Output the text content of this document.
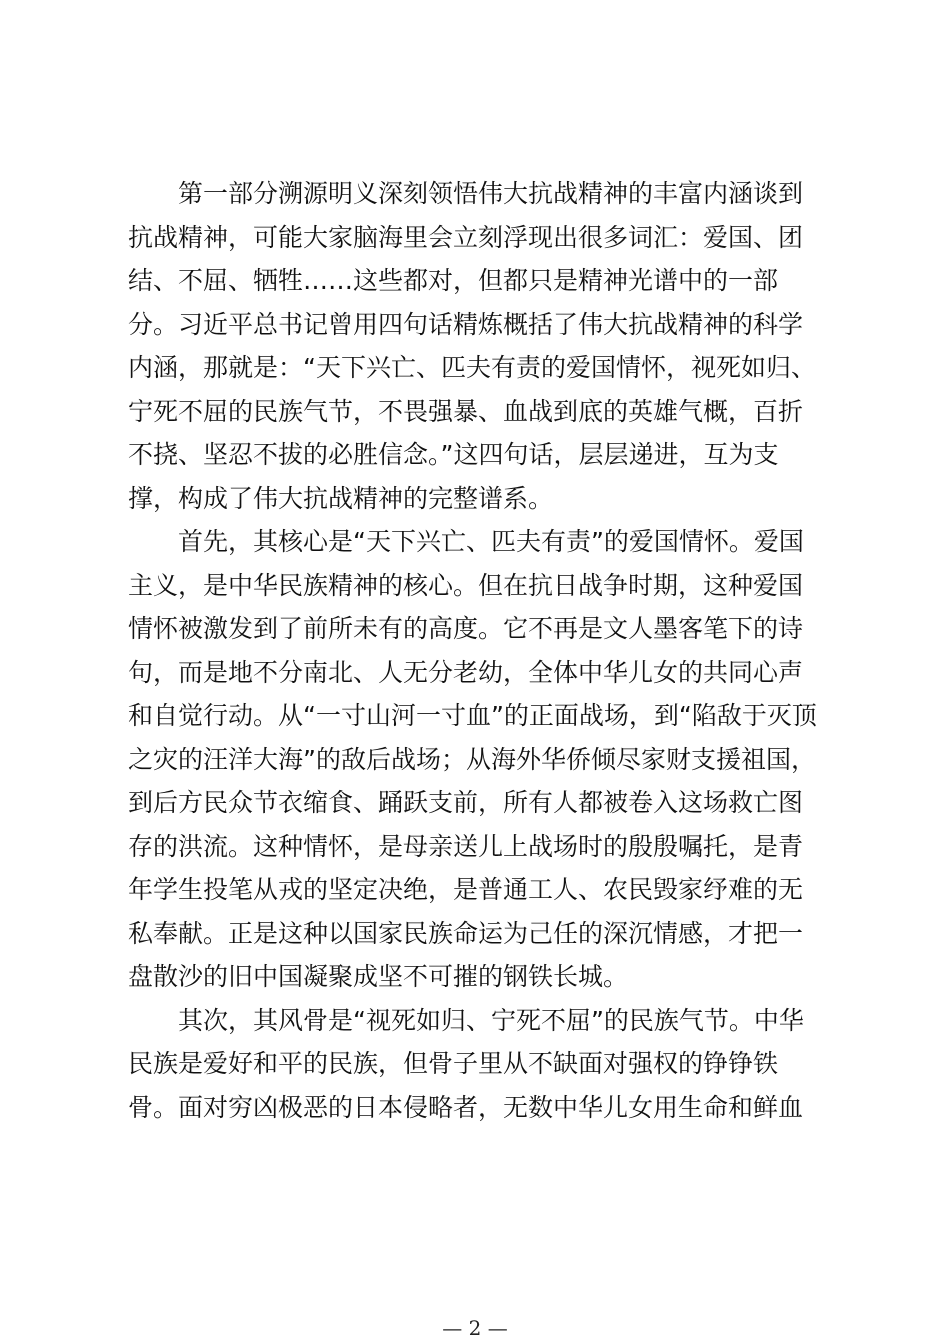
第一部分溯源明义深刻领悟伟大抗战精神的丰富内涵谈到
抗战精神，可能大家脑海里会立刻浮现出很多词汇：爱国、团
结、不屈、牺牲……这些都对，但都只是精神光谱中的一部
分。习近平总书记曾用四句话精炼概括了伟大抗战精神的科学
内涵，那就是：“天下兴亡、匹夫有责的爱国情怀，视死如归、
宁死不屈的民族气节，不畏强暴、血战到底的英雄气概，百折
不挠、坚忍不拔的必胜信念。”这四句话，层层递进，互为支
撑，构成了伟大抗战精神的完整谱系。
首先，其核心是“天下兴亡、匹夫有责”的爱国情怀。爱国
主义，是中华民族精神的核心。但在抗日战争时期，这种爱国
情怀被激发到了前所未有的高度。它不再是文人墨客笔下的诗
句，而是地不分南北、人无分老幼，全体中华儿女的共同心声
和自觉行动。从“一寸山河一寸血”的正面战场，到“陷敌于灭顶
之灾的汪洋大海”的敌后战场；从海外华侨倾尽家财支援祖国，
到后方民众节衣缩食、踊跃支前，所有人都被卷入这场救亡图
存的洪流。这种情怀，是母亲送儿上战场时的殷殷嘱托，是青
年学生投笔从戎的坚定决绝，是普通工人、农民毁家纾难的无
私奉献。正是这种以国家民族命运为己任的深沉情感，才把一
盘散沙的旧中国凝聚成坚不可摧的钢铁长城。
其次，其风骨是“视死如归、宁死不屈”的民族气节。中华
民族是爱好和平的民族，但骨子里从不缺面对强权的铮铮铁
骨。面对穷凶极恶的日本侵略者，无数中华儿女用生命和鲜血
— 2 —
